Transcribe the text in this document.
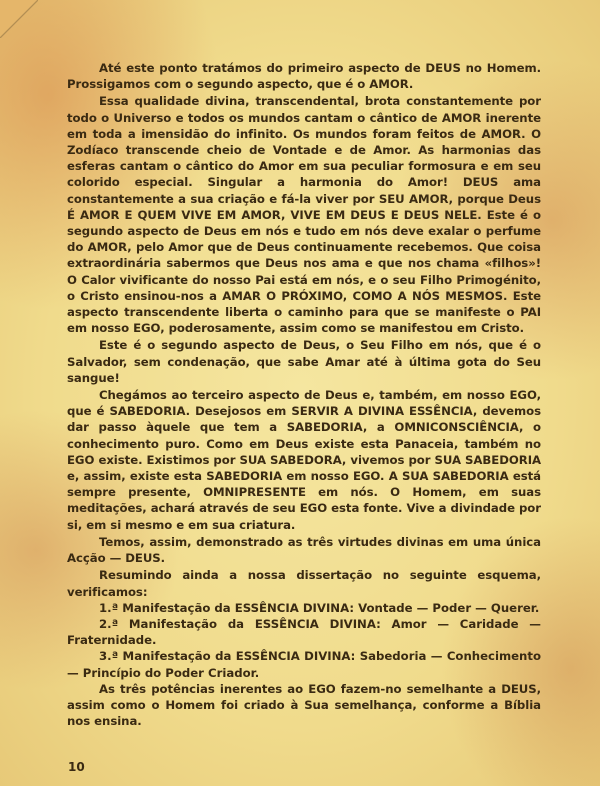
Até este ponto tratámos do primeiro aspecto de DEUS no Homem. Prossigamos com o segundo aspecto, que é o AMOR.

Essa qualidade divina, transcendental, brota constantemente por todo o Universo e todos os mundos cantam o cântico de AMOR inerente em toda a imensidão do infinito. Os mundos foram feitos de AMOR. O Zodíaco transcende cheio de Vontade e de Amor. As harmonias das esferas cantam o cântico do Amor em sua peculiar formosura e em seu colorido especial. Singular a harmonia do Amor! DEUS ama constantemente a sua criação e fá-la viver por SEU AMOR, porque Deus É AMOR E QUEM VIVE EM AMOR, VIVE EM DEUS E DEUS NELE. Este é o segundo aspecto de Deus em nós e tudo em nós deve exalar o perfume do AMOR, pelo Amor que de Deus continuamente recebemos. Que coisa extraordinária sabermos que Deus nos ama e que nos chama «filhos»! O Calor vivificante do nosso Pai está em nós, e o seu Filho Primogénito, o Cristo ensinou-nos a AMAR O PRÓXIMO, COMO A NÓS MESMOS. Este aspecto transcendente liberta o caminho para que se manifeste o PAI em nosso EGO, poderosamente, assim como se manifestou em Cristo.

Este é o segundo aspecto de Deus, o Seu Filho em nós, que é o Salvador, sem condenação, que sabe Amar até à última gota do Seu sangue!

Chegámos ao terceiro aspecto de Deus e, também, em nosso EGO, que é SABEDORIA. Desejosos em SERVIR A DIVINA ESSÊNCIA, devemos dar passo àquele que tem a SABEDORIA, a OMNICONSCIÊNCIA, o conhecimento puro. Como em Deus existe esta Panaceia, também no EGO existe. Existimos por SUA SABEDORA, vivemos por SUA SABEDORIA e, assim, existe esta SABEDORIA em nosso EGO. A SUA SABEDORIA está sempre presente, OMNIPRESENTE em nós. O Homem, em suas meditações, achará através de seu EGO esta fonte. Vive a divindade por si, em si mesmo e em sua criatura.

Temos, assim, demonstrado as três virtudes divinas em uma única Acção — DEUS.

Resumindo ainda a nossa dissertação no seguinte esquema, verificamos:

1.ª Manifestação da ESSÊNCIA DIVINA: Vontade — Poder — Querer.

2.ª Manifestação da ESSÊNCIA DIVINA: Amor — Caridade — Fraternidade.

3.ª Manifestação da ESSÊNCIA DIVINA: Sabedoria — Conhecimento — Princípio do Poder Criador.

As três potências inerentes ao EGO fazem-no semelhante a DEUS, assim como o Homem foi criado à Sua semelhança, conforme a Bíblia nos ensina.

10
